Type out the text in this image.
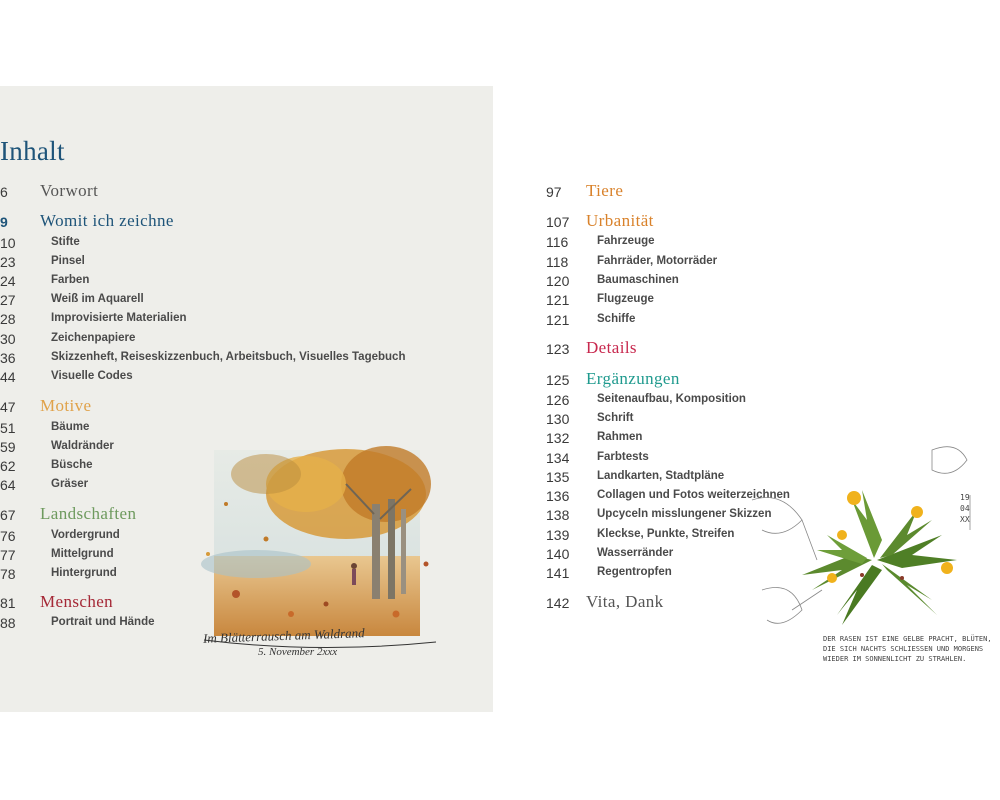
Inhalt
6 Vorwort
9 Womit ich zeichne
10	Stifte
23	Pinsel
24	Farben
27	Weiß im Aquarell
28	Improvisierte Materialien
30	Zeichenpapiere
36	Skizzenheft, Reiseskizzenbuch, Arbeitsbuch, Visuelles Tagebuch
44	Visuelle Codes
47 Motive
51	Bäume
59	Waldränder
62	Büsche
64	Gräser
67 Landschaften
76	Vordergrund
77	Mittelgrund
78	Hintergrund
81 Menschen
88	Portrait und Hände
97 Tiere
107 Urbanität
116 Fahrzeuge
118 Fahrräder, Motorräder
120 Baumaschinen
121 Flugzeuge
121 Schiffe
123 Details
125 Ergänzungen
126 Seitenaufbau, Komposition
130 Schrift
132 Rahmen
134 Farbtests
135 Landkarten, Stadtpläne
136 Collagen und Fotos weiterzeichnen
138 Upcyceln misslungener Skizzen
139 Kleckse, Punkte, Streifen
140 Wasserränder
141 Regentropfen
142 Vita, Dank
Im Blätterrausch am Waldrand
5. November 2xxx
19 04 XX
DER RASEN IST EINE GELBE PRACHT, BLÜTEN, DIE SICH NACHTS SCHLIESSEN UND MORGENS WIEDER IM SONNENLICHT ZU STRAHLEN.
